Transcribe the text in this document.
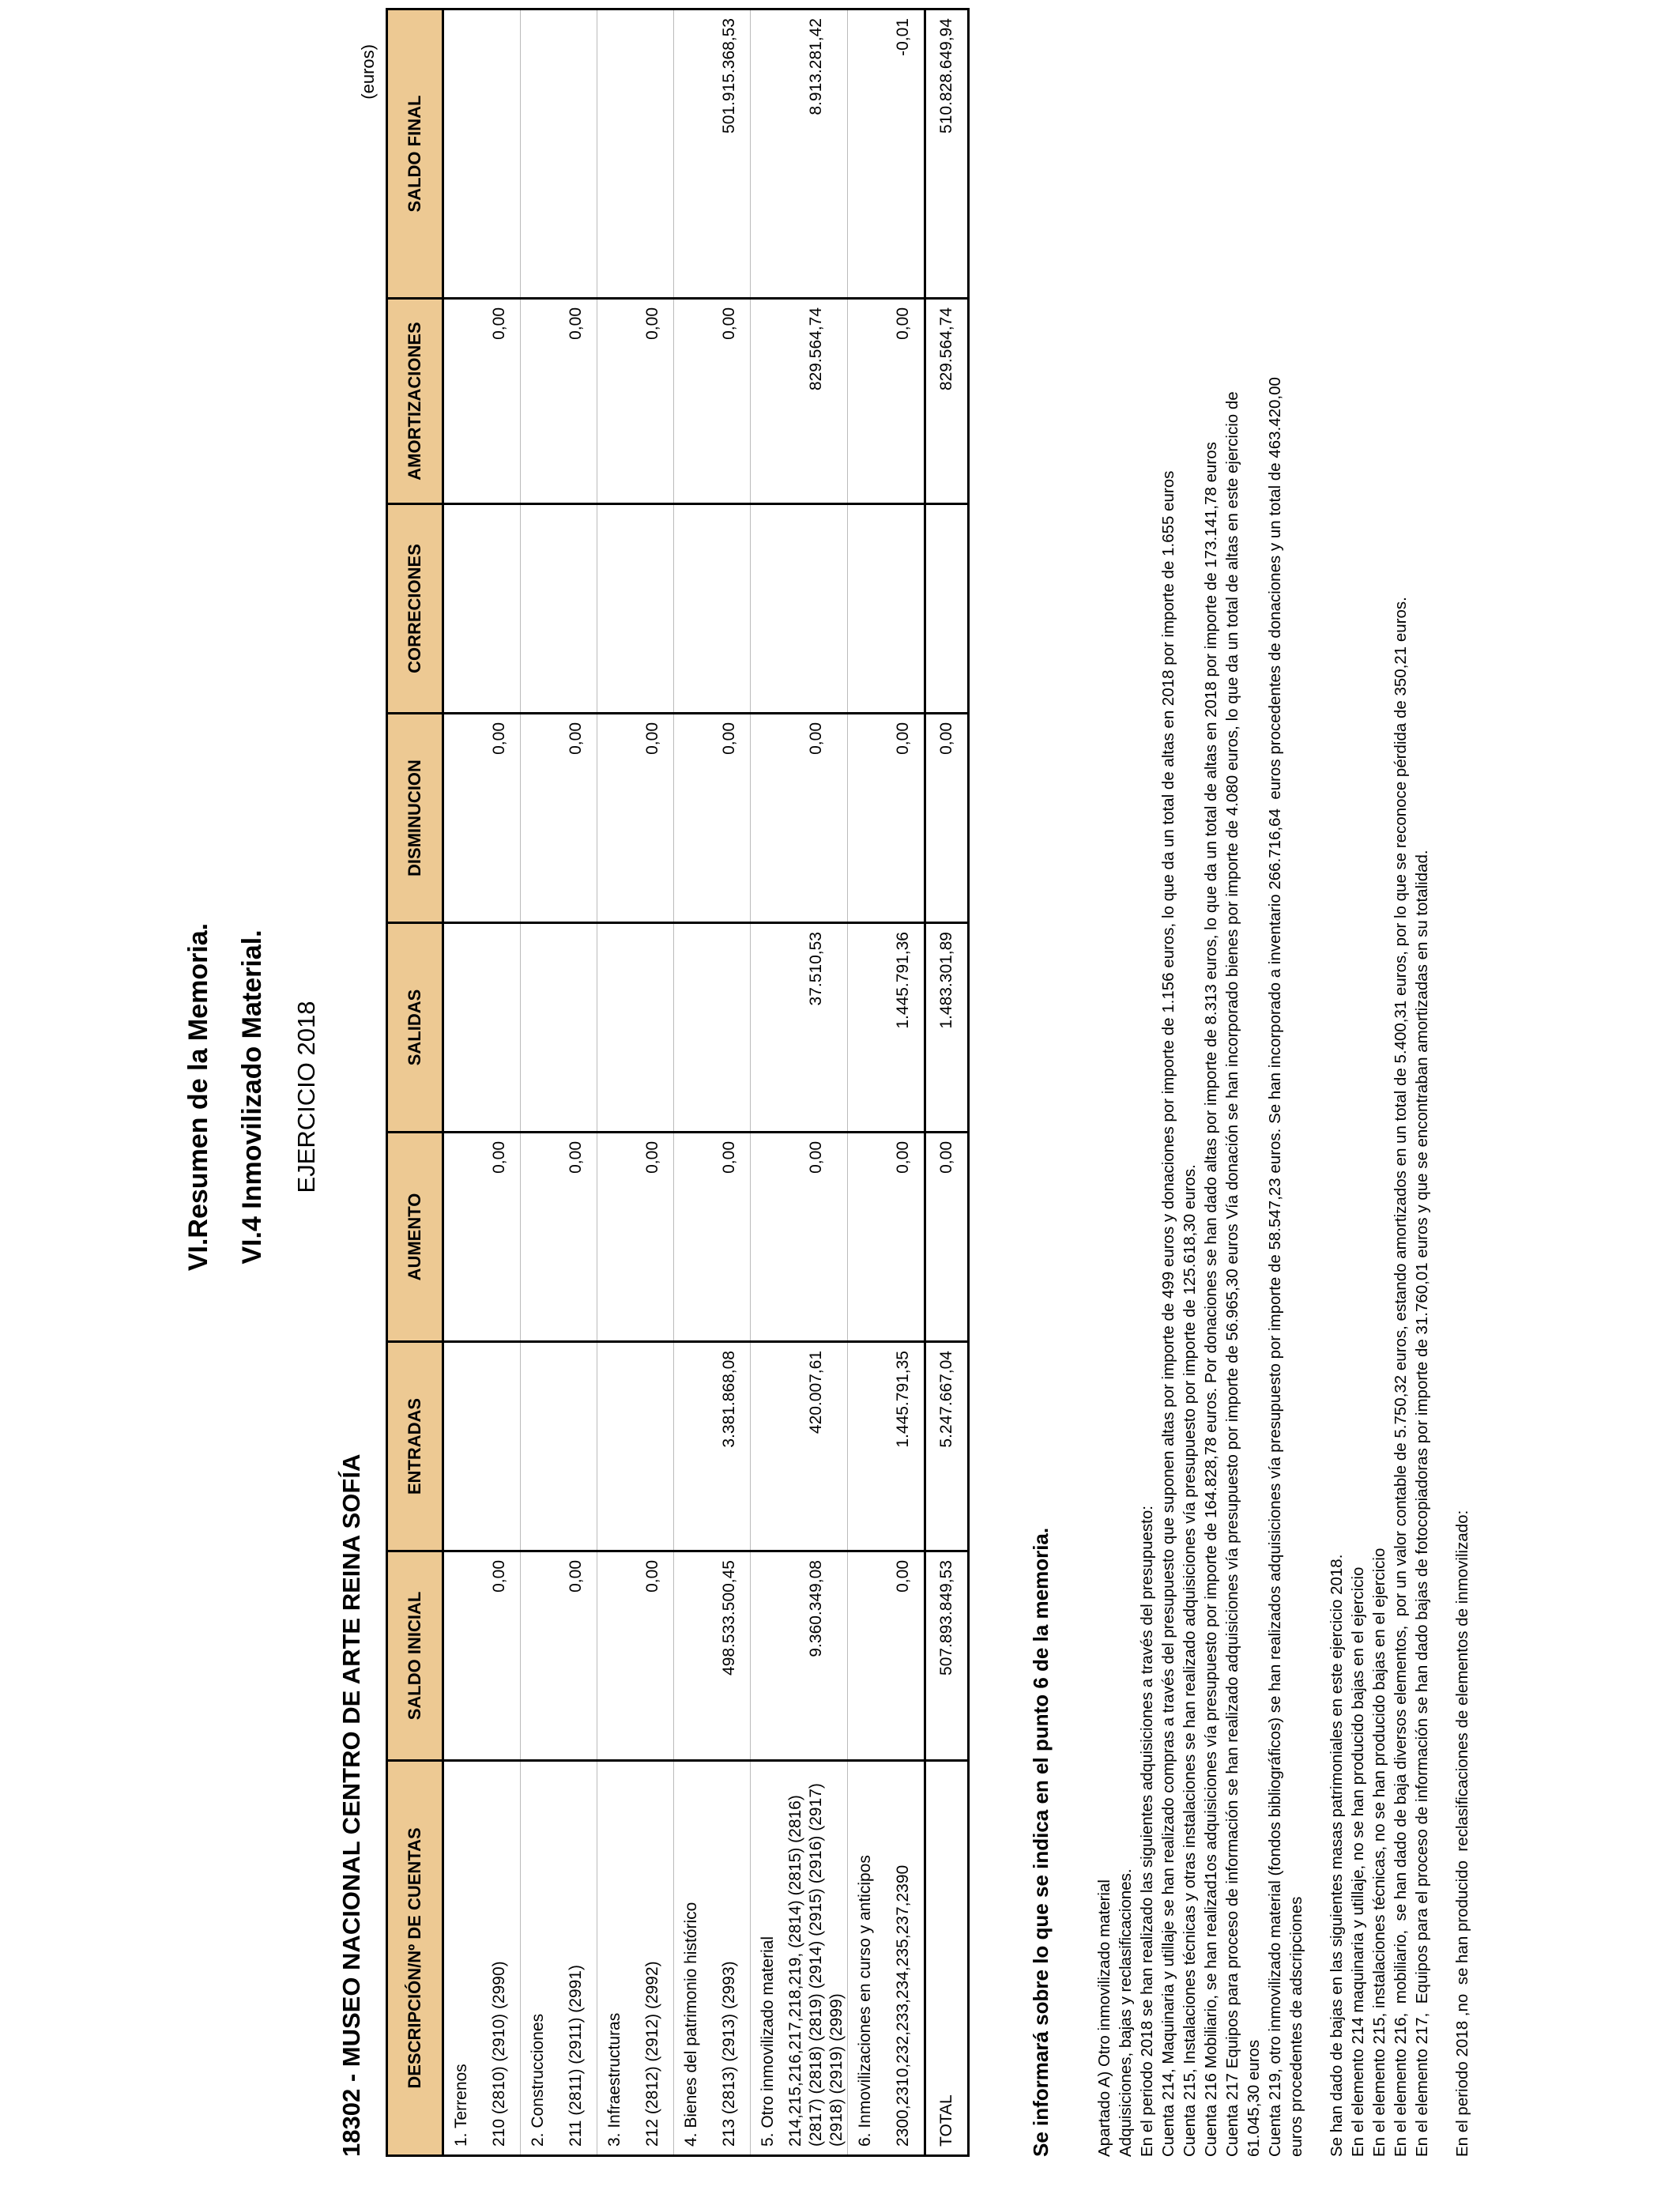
VI.Resumen de la Memoria. VI.4 Inmovilizado Material. EJERCICIO 2018
18302 - MUSEO NACIONAL CENTRO DE ARTE REINA SOFÍA
(euros)
DESCRIPCIÓN/Nº DE CUENTAS	SALDO INICIAL	ENTRADAS	AUMENTO	SALIDAS	DISMINUCION	CORRECIONES	AMORTIZACIONES	SALDO FINAL
1. Terrenos								
210 (2810) (2910) (2990)	0,00		0,00		0,00		0,00	
2. Construcciones								
211 (2811) (2911) (2991)	0,00		0,00		0,00		0,00	
3. Infraestructuras								
212 (2812) (2912) (2992)	0,00		0,00		0,00		0,00	
4. Bienes del patrimonio histórico								
213 (2813) (2913) (2993)	498.533.500,45	3.381.868,08	0,00		0,00		0,00	501.915.368,53
5. Otro inmovilizado material								
214,215,216,217,218,219, (2814) (2815) (2816) (2817) (2818) (2819) (2914) (2915) (2916) (2917) (2918) (2919) (2999)	9.360.349,08	420.007,61	0,00	37.510,53	0,00		829.564,74	8.913.281,42
6. Inmovilizaciones en curso y anticipos								
2300,2310,232,233,234,235,237,2390	0,00	1.445.791,35	0,00	1.445.791,36	0,00		0,00	-0,01
TOTAL	507.893.849,53	5.247.667,04	0,00	1.483.301,89	0,00		829.564,74	510.828.649,94
Se informará sobre lo que se indica en el punto 6 de la memoria.	Apartado A) Otro inmovilizado material Adquisiciones, bajas y reclasificaciones. En el periodo 2018 se han realizado las siguientes adquisiciones a través del presupuesto: Cuenta 214, Maquinaria y utillaje se han realizado compras a través del presupuesto que suponen altas por importe de 499 euros y donaciones por importe de 1.156 euros, lo que da un total de altas en 2018 por importe de 1.655 euros Cuenta 215, Instalaciones técnicas y otras instalaciones se han realizado adquisiciones vía presupuesto por importe de 125.618,30 euros. Cuenta 216 Mobiliario, se han realizad1os adquisiciones vía presupuesto por importe de 164.828,78 euros. Por donaciones se han dado altas por importe de 8.313 euros, lo que da un total de altas en 2018 por importe de 173.141,78 euros Cuenta 217 Equipos para proceso de información se han realizado adquisiciones vía presupuesto por importe de 56.965,30 euros Vía donación se han incorporado bienes por importe de 4.080 euros, lo que da un total de altas en este ejercicio de 61.045,30 euros Cuenta 219, otro inmovilizado material (fondos bibliográficos) se han realizados adquisiciones vía presupuesto por importe de 58.547,23 euros. Se han incorporado a inventario 266.716,64  euros procedentes de donaciones y un total de 463.420,00 euros procedentes de adscripciones Se han dado de bajas en las siguientes masas patrimoniales en este ejercicio 2018. En el elemento 214 maquinaria y utillaje, no se han producido bajas en el ejercicio En el elemento 215, instalaciones técnicas, no se han producido bajas en el ejercicio En el elemento 216,  mobiliario,  se han dado de baja diversos elementos,  por un valor contable de 5.750,32 euros, estando amortizados en un total de 5.400,31 euros, por lo que se reconoce pérdida de 350,21 euros. En el elemento 217,  Equipos para el proceso de información se han dado bajas de fotocopiadoras por importe de 31.760,01 euros y que se encontraban amortizadas en su totalidad. En el periodo 2018 ,no  se han producido  reclasificaciones de elementos de inmovilizado:
